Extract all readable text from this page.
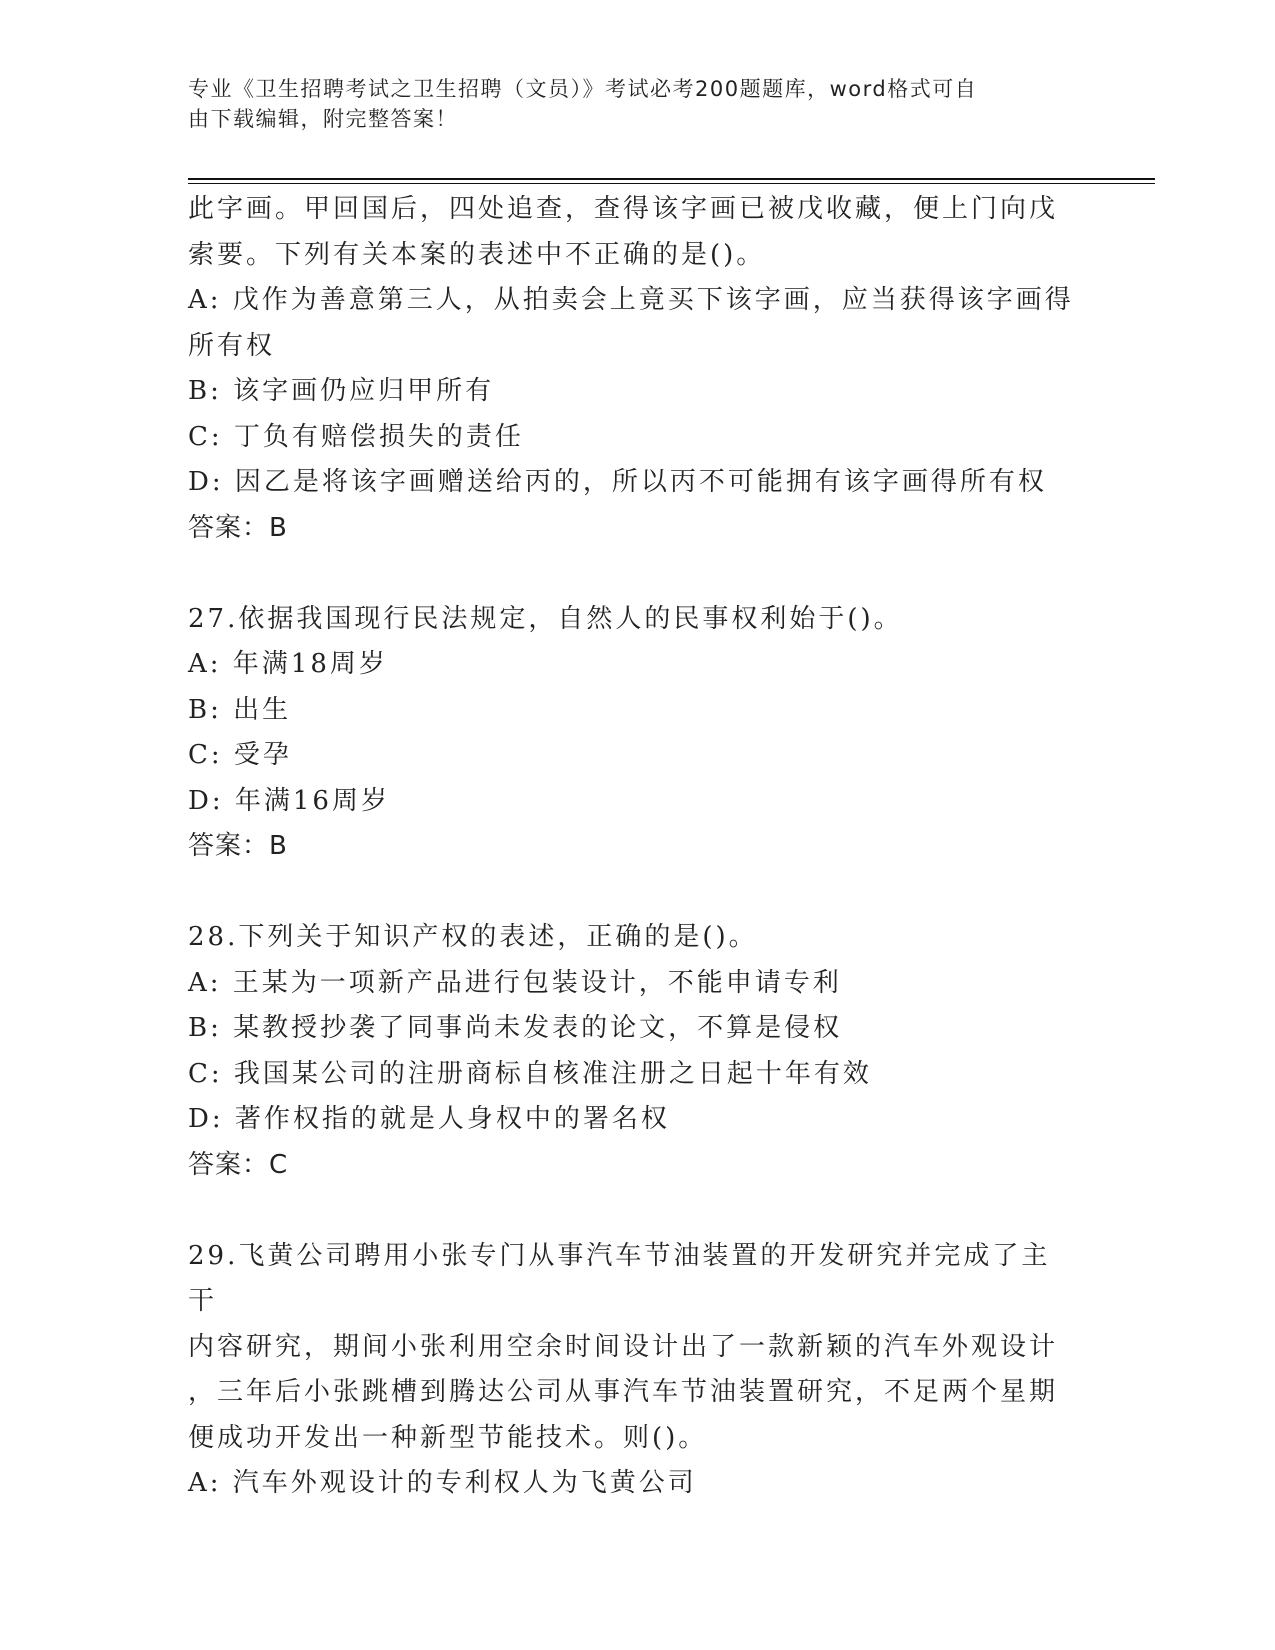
专业《卫生招聘考试之卫生招聘（文员）》考试必考200题题库，word格式可自

由下载编辑，附完整答案！

此字画。甲回国后，四处追查，查得该字画已被戊收藏，便上门向戊

索要。下列有关本案的表述中不正确的是()。

A: 戊作为善意第三人，从拍卖会上竟买下该字画，应当获得该字画得

所有权

B: 该字画仍应归甲所有

C: 丁负有赔偿损失的责任

D: 因乙是将该字画赠送给丙的，所以丙不可能拥有该字画得所有权

答案：B

27.依据我国现行民法规定，自然人的民事权利始于()。

A: 年满18周岁

B: 出生

C: 受孕

D: 年满16周岁

答案：B

28.下列关于知识产权的表述，正确的是()。

A: 王某为一项新产品进行包装设计，不能申请专利

B: 某教授抄袭了同事尚未发表的论文，不算是侵权

C: 我国某公司的注册商标自核准注册之日起十年有效

D: 著作权指的就是人身权中的署名权

答案：C

29.飞黄公司聘用小张专门从事汽车节油装置的开发研究并完成了主干

内容研究，期间小张利用空余时间设计出了一款新颖的汽车外观设计

，三年后小张跳槽到腾达公司从事汽车节油装置研究，不足两个星期

便成功开发出一种新型节能技术。则()。

A: 汽车外观设计的专利权人为飞黄公司
